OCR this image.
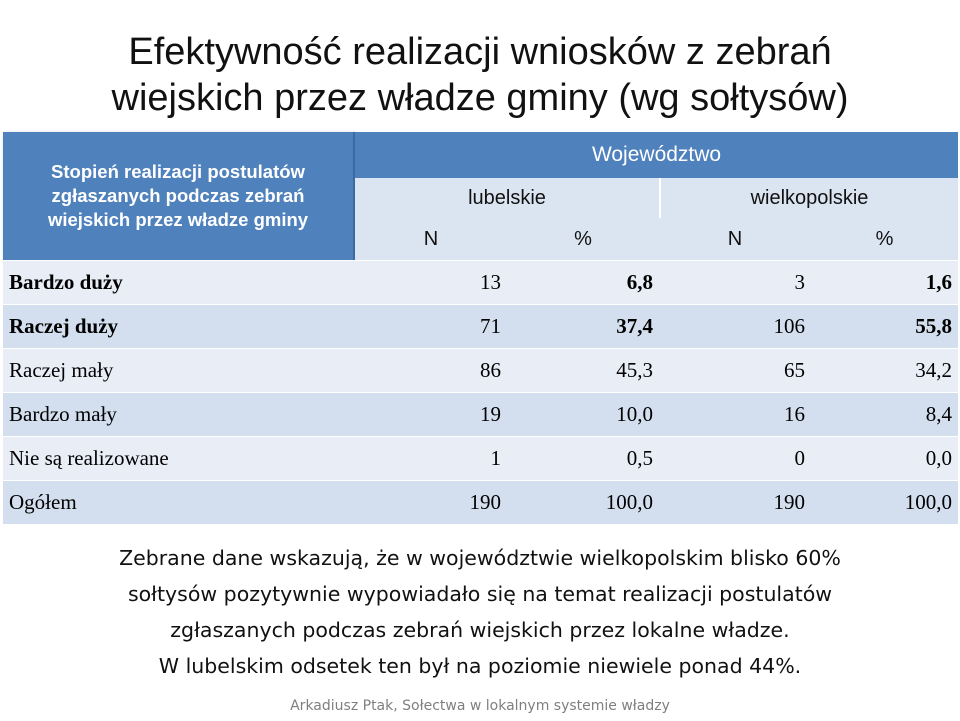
Efektywność realizacji wniosków z zebrań
wiejskich przez władze gminy (wg sołtysów)
Stopień realizacji postulatów
zgłaszanych podczas zebrań
wiejskich przez władze gminy	Województwo			
	lubelskie		wielkopolskie	
	N	%	N	%
Bardzo duży	13	6,8	3	1,6
Raczej duży	71	37,4	106	55,8
Raczej mały	86	45,3	65	34,2
Bardzo mały	19	10,0	16	8,4
Nie są realizowane	1	0,5	0	0,0
Ogółem	190	100,0	190	100,0
Zebrane dane wskazują, że w województwie wielkopolskim blisko 60%
sołtysów pozytywnie wypowiadało się na temat realizacji postulatów
zgłaszanych podczas zebrań wiejskich przez lokalne władze.
W lubelskim odsetek ten był na poziomie niewiele ponad 44%.
Arkadiusz Ptak, Sołectwa w lokalnym systemie władzy
